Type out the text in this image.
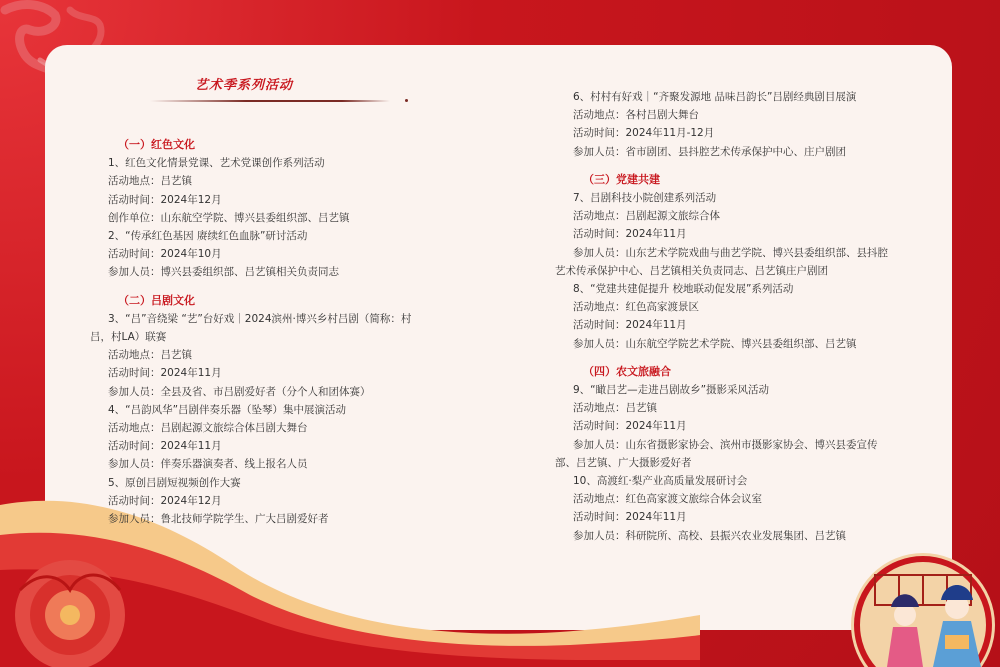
艺术季系列活动
（一）红色文化
1、红色文化情景党课、艺术党课创作系列活动
活动地点：吕艺镇
活动时间：2024年12月
创作单位：山东航空学院、博兴县委组织部、吕艺镇
2、“传承红色基因 赓续红色血脉”研讨活动
活动时间：2024年10月
参加人员：博兴县委组织部、吕艺镇相关负责同志
（二）吕剧文化
3、“吕”音绕梁 “艺”台好戏｜2024滨州·博兴乡村吕剧（简称：村
吕，村LA）联赛
活动地点：吕艺镇
活动时间：2024年11月
参加人员：全县及省、市吕剧爱好者（分个人和团体赛）
4、“吕韵风华”吕剧伴奏乐器（坠琴）集中展演活动
活动地点：吕剧起源文旅综合体吕剧大舞台
活动时间：2024年11月
参加人员：伴奏乐器演奏者、线上报名人员
5、原创吕剧短视频创作大赛
活动时间：2024年12月
参加人员：鲁北技师学院学生、广大吕剧爱好者
6、村村有好戏｜“齐聚发源地 品味吕韵长”吕剧经典剧目展演
活动地点：各村吕剧大舞台
活动时间：2024年11月-12月
参加人员：省市剧团、县抖腔艺术传承保护中心、庄户剧团
（三）党建共建
7、吕剧科技小院创建系列活动
活动地点：吕剧起源文旅综合体
活动时间：2024年11月
参加人员：山东艺术学院戏曲与曲艺学院、博兴县委组织部、县抖腔
艺术传承保护中心、吕艺镇相关负责同志、吕艺镇庄户剧团
8、“党建共建促提升 校地联动促发展”系列活动
活动地点：红色高家渡景区
活动时间：2024年11月
参加人员：山东航空学院艺术学院、博兴县委组织部、吕艺镇
（四）农文旅融合
9、“瞰吕艺—走进吕剧故乡”摄影采风活动
活动地点：吕艺镇
活动时间：2024年11月
参加人员：山东省摄影家协会、滨州市摄影家协会、博兴县委宣传
部、吕艺镇、广大摄影爱好者
10、高渡红·梨产业高质量发展研讨会
活动地点：红色高家渡文旅综合体会议室
活动时间：2024年11月
参加人员：科研院所、高校、县振兴农业发展集团、吕艺镇
